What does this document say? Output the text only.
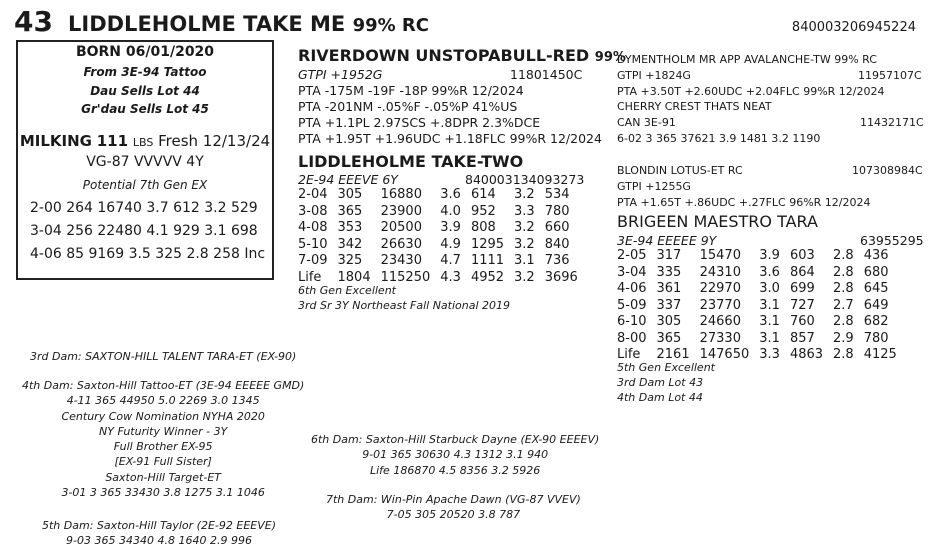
43 LIDDLEHOLME TAKE ME 99% RC	840003206945224
BORN 06/01/2020
From 3E-94 Tattoo
Dau Sells Lot 44
Gr'dau Sells Lot 45
MILKING 111 LBS Fresh 12/13/24
VG-87 VVVVV 4Y
Potential 7th Gen EX
2-00 264 16740 3.7 612 3.2 529
3-04 256 22480 4.1 929 3.1 698
4-06 85 9169 3.5 325 2.8 258 Inc
RIVERDOWN UNSTOPABULL-RED 99%
GTPI +1952G	11801450C
PTA -175M -19F -18P 99%R 12/2024
PTA -201NM -.05%F -.05%P 41%US
PTA +1.1PL 2.97SCS +.8DPR 2.3%DCE
PTA +1.95T +1.96UDC +1.18FLC 99%R 12/2024
LIDDLEHOLME TAKE-TWO
2E-94 EEEVE 6Y	840003134093273
2-04	305	16880	3.6	614	3.2	534
3-08	365	23900	4.0	952	3.3	780
4-08	353	20500	3.9	808	3.2	660
5-10	342	26630	4.9	1295	3.2	840
7-09	325	23430	4.7	1111	3.1	736
Life	1804	115250	4.3	4952	3.2	3696
6th Gen Excellent
3rd Sr 3Y Northeast Fall National 2019
DYMENTHOLM MR APP AVALANCHE-TW 99% RC
GTPI +1824G	11957107C
PTA +3.50T +2.60UDC +2.04FLC 99%R 12/2024
CHERRY CREST THATS NEAT
CAN 3E-91	11432171C
6-02 3 365 37621 3.9 1481 3.2 1190
BLONDIN LOTUS-ET RC	107308984C
GTPI +1255G
PTA +1.65T +.86UDC +.27FLC 96%R 12/2024
BRIGEEN MAESTRO TARA
3E-94 EEEEE 9Y	63955295
2-05	317	15470	3.9	603	2.8	436
3-04	335	24310	3.6	864	2.8	680
4-06	361	22970	3.0	699	2.8	645
5-09	337	23770	3.1	727	2.7	649
6-10	305	24660	3.1	760	2.8	682
8-00	365	27330	3.1	857	2.9	780
Life	2161	147650	3.3	4863	2.8	4125
5th Gen Excellent
3rd Dam Lot 43
4th Dam Lot 44
3rd Dam: SAXTON-HILL TALENT TARA-ET (EX-90)
4th Dam: Saxton-Hill Tattoo-ET (3E-94 EEEEE GMD)
4-11 365 44950 5.0 2269 3.0 1345
Century Cow Nomination NYHA 2020
NY Futurity Winner - 3Y
Full Brother EX-95
[EX-91 Full Sister]
Saxton-Hill Target-ET
3-01 3 365 33430 3.8 1275 3.1 1046
5th Dam: Saxton-Hill Taylor (2E-92 EEEVE)
9-03 365 34340 4.8 1640 2.9 996
6th Dam: Saxton-Hill Starbuck Dayne (EX-90 EEEEV)
9-01 365 30630 4.3 1312 3.1 940
Life 186870 4.5 8356 3.2 5926
7th Dam: Win-Pin Apache Dawn (VG-87 VVEV)
7-05 305 20520 3.8 787
